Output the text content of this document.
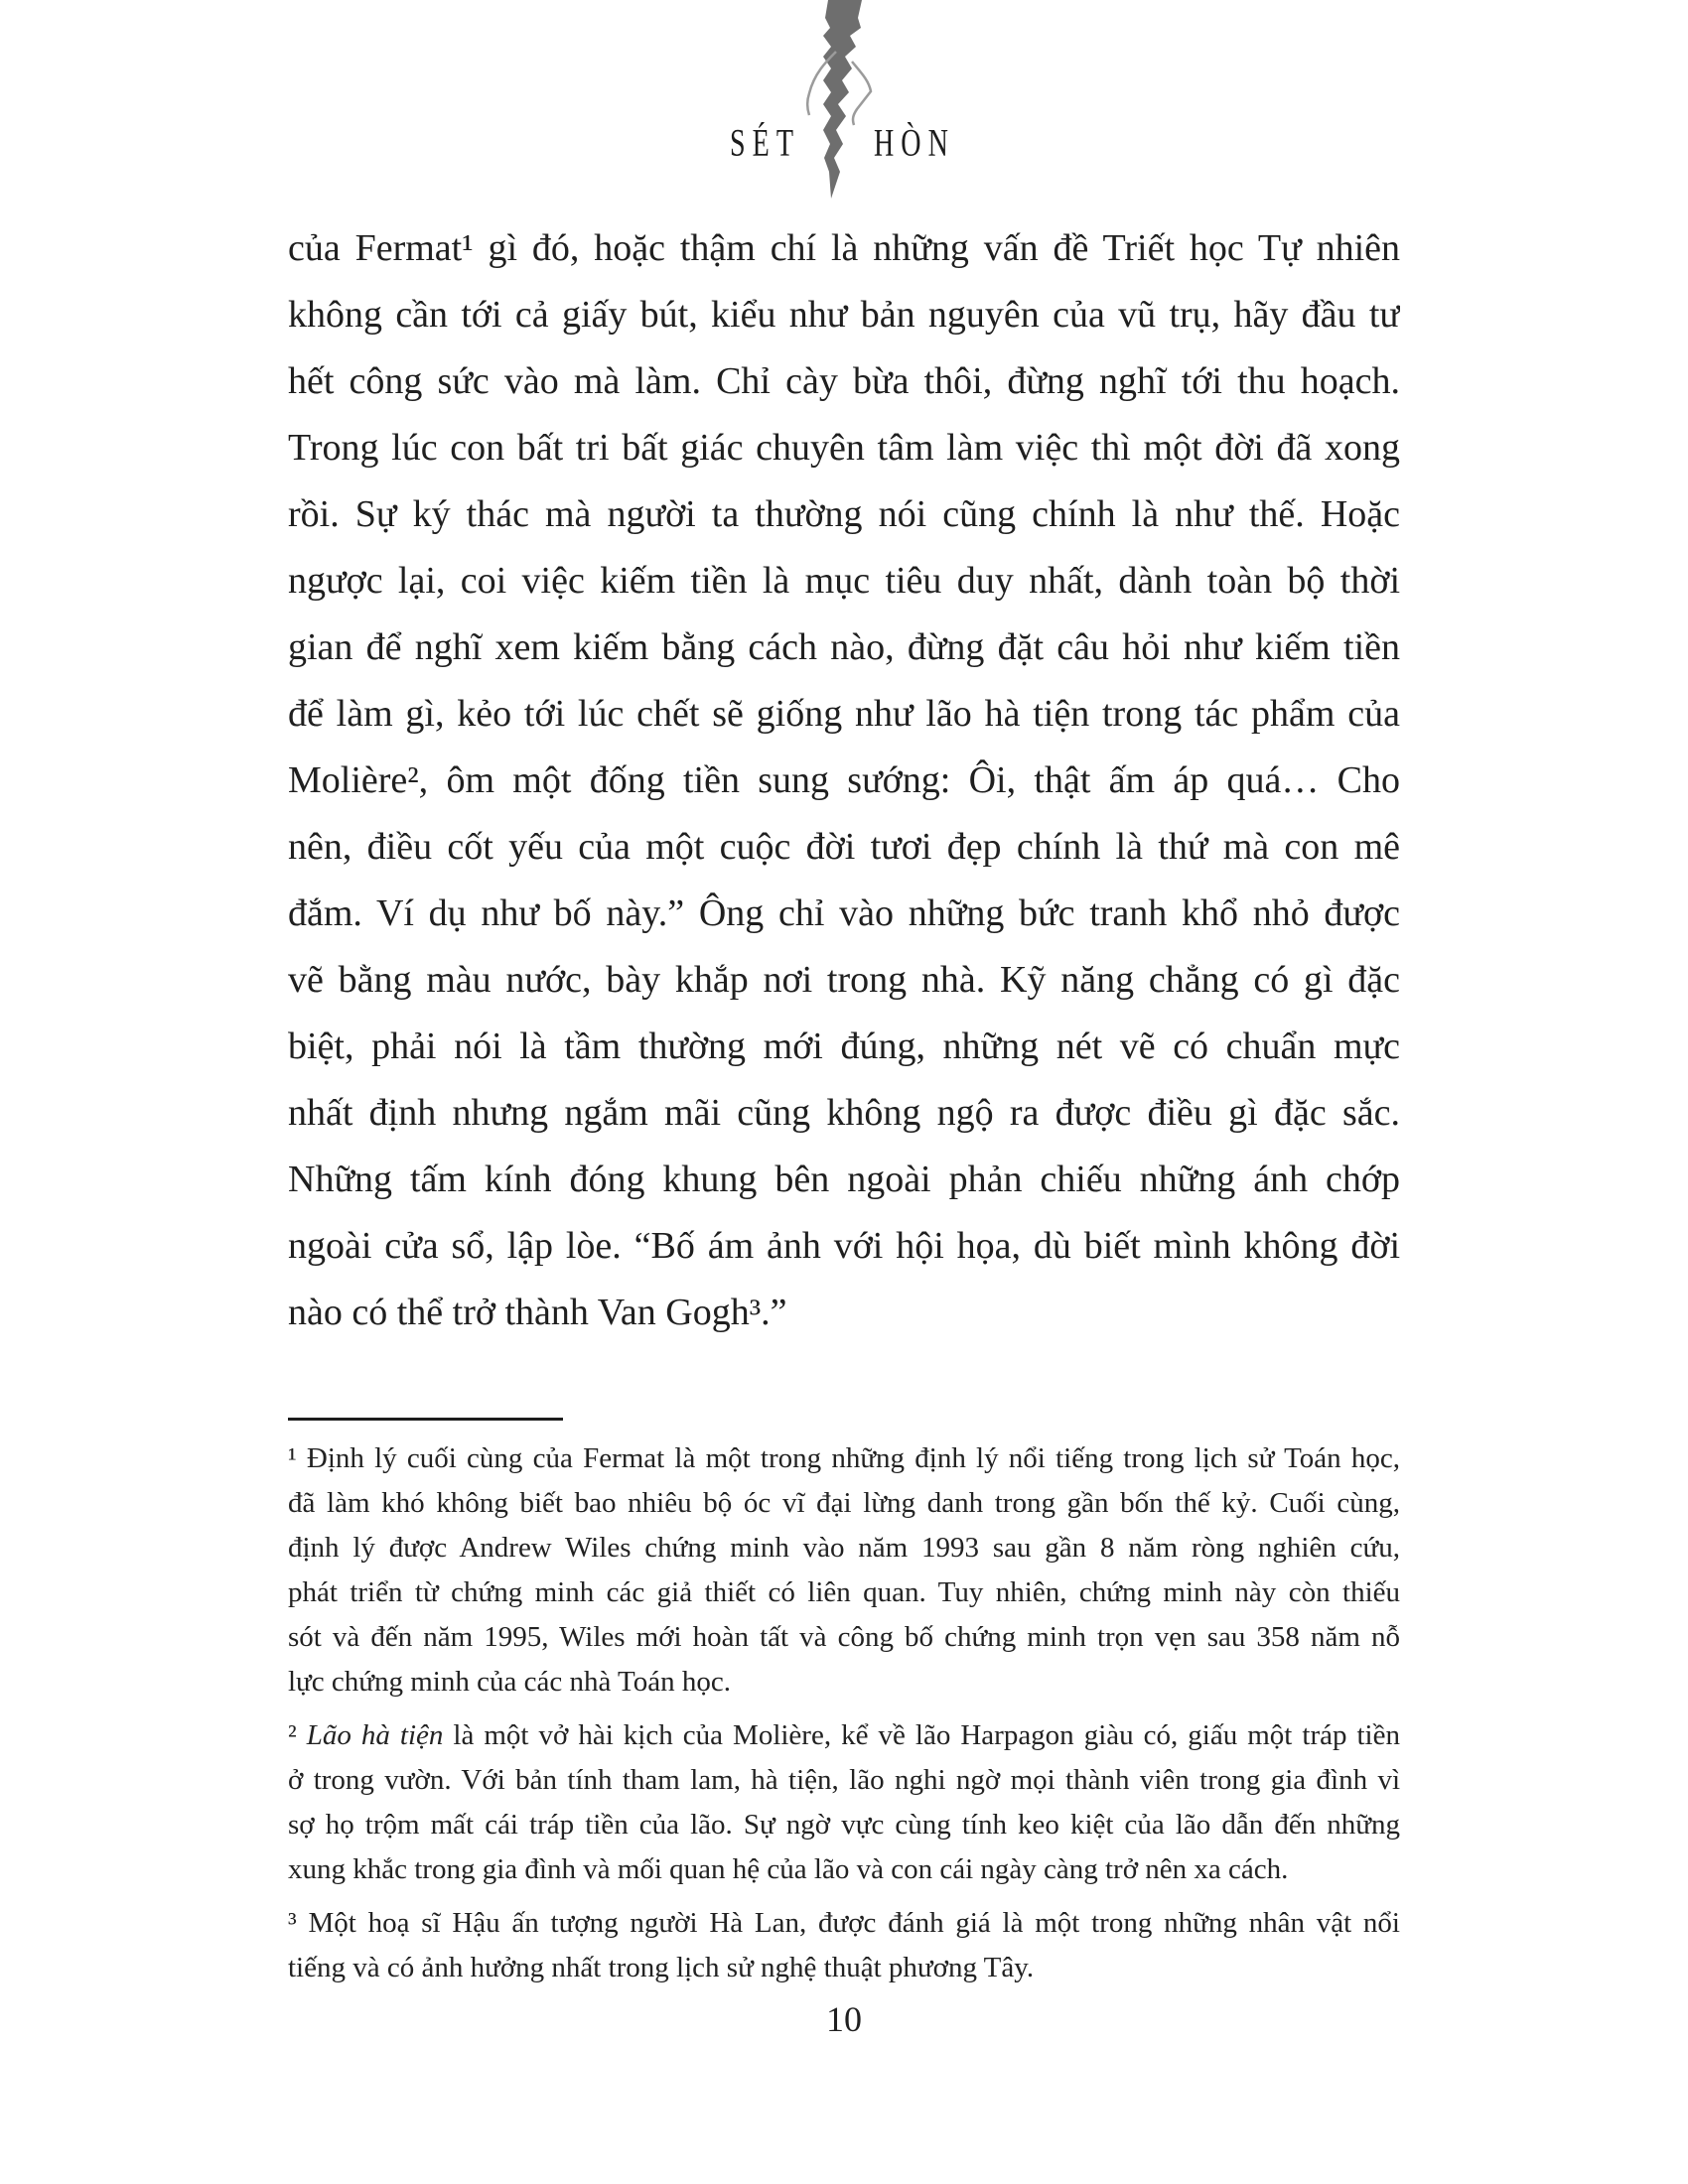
SÉT HÒN
của Fermat¹ gì đó, hoặc thậm chí là những vấn đề Triết học Tự nhiên
không cần tới cả giấy bút, kiểu như bản nguyên của vũ trụ, hãy đầu tư
hết công sức vào mà làm. Chỉ cày bừa thôi, đừng nghĩ tới thu hoạch.
Trong lúc con bất tri bất giác chuyên tâm làm việc thì một đời đã xong
rồi. Sự ký thác mà người ta thường nói cũng chính là như thế. Hoặc
ngược lại, coi việc kiếm tiền là mục tiêu duy nhất, dành toàn bộ thời
gian để nghĩ xem kiếm bằng cách nào, đừng đặt câu hỏi như kiếm tiền
để làm gì, kẻo tới lúc chết sẽ giống như lão hà tiện trong tác phẩm của
Molière², ôm một đống tiền sung sướng: Ôi, thật ấm áp quá… Cho
nên, điều cốt yếu của một cuộc đời tươi đẹp chính là thứ mà con mê
đắm. Ví dụ như bố này.” Ông chỉ vào những bức tranh khổ nhỏ được
vẽ bằng màu nước, bày khắp nơi trong nhà. Kỹ năng chẳng có gì đặc
biệt, phải nói là tầm thường mới đúng, những nét vẽ có chuẩn mực
nhất định nhưng ngắm mãi cũng không ngộ ra được điều gì đặc sắc.
Những tấm kính đóng khung bên ngoài phản chiếu những ánh chớp
ngoài cửa sổ, lập lòe. “Bố ám ảnh với hội họa, dù biết mình không đời
nào có thể trở thành Van Gogh³.”
¹ Định lý cuối cùng của Fermat là một trong những định lý nổi tiếng trong lịch sử Toán học,
đã làm khó không biết bao nhiêu bộ óc vĩ đại lừng danh trong gần bốn thế kỷ. Cuối cùng,
định lý được Andrew Wiles chứng minh vào năm 1993 sau gần 8 năm ròng nghiên cứu,
phát triển từ chứng minh các giả thiết có liên quan. Tuy nhiên, chứng minh này còn thiếu
sót và đến năm 1995, Wiles mới hoàn tất và công bố chứng minh trọn vẹn sau 358 năm nỗ
lực chứng minh của các nhà Toán học.
² Lão hà tiện là một vở hài kịch của Molière, kể về lão Harpagon giàu có, giấu một tráp tiền
ở trong vườn. Với bản tính tham lam, hà tiện, lão nghi ngờ mọi thành viên trong gia đình vì
sợ họ trộm mất cái tráp tiền của lão. Sự ngờ vực cùng tính keo kiệt của lão dẫn đến những
xung khắc trong gia đình và mối quan hệ của lão và con cái ngày càng trở nên xa cách.
³ Một hoạ sĩ Hậu ấn tượng người Hà Lan, được đánh giá là một trong những nhân vật nổi
tiếng và có ảnh hưởng nhất trong lịch sử nghệ thuật phương Tây.
10
